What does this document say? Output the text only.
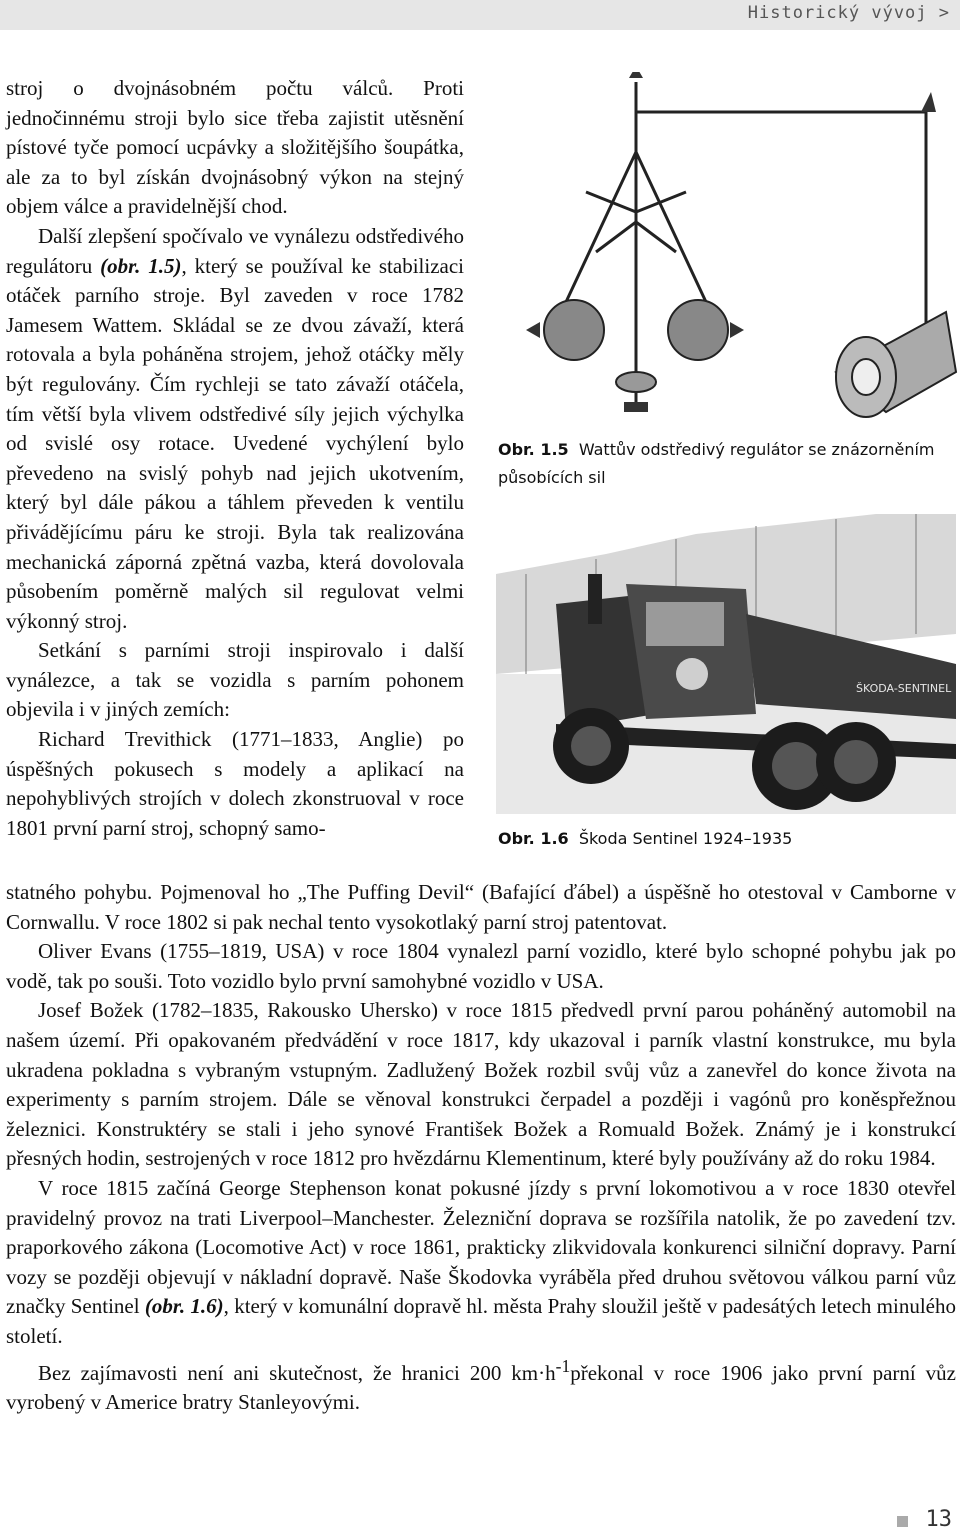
Historický vývoj >

stroj o dvojnásobném počtu válců. Proti jednočinnému stroji bylo sice třeba zajistit utěsnění pístové tyče pomocí ucpávky a složitějšího šoupátka, ale za to byl získán dvojnásobný výkon na stejný objem válce a pravidelnější chod.

Další zlepšení spočívalo ve vynálezu odstředivého regulátoru (obr. 1.5), který se používal ke stabilizaci otáček parního stroje. Byl zaveden v roce 1782 Jamesem Wattem. Skládal se ze dvou závaží, která rotovala a byla poháněna strojem, jehož otáčky měly být regulovány. Čím rychleji se tato závaží otáčela, tím větší byla vlivem odstředivé síly jejich výchylka od svislé osy rotace. Uvedené vychýlení bylo převedeno na svislý pohyb nad jejich ukotvením, který byl dále pákou a táhlem převeden k ventilu přivádějícímu páru ke stroji. Byla tak realizována mechanická záporná zpětná vazba, která dovolovala působením poměrně malých sil regulovat velmi výkonný stroj.

Setkání s parními stroji inspirovalo i další vynálezce, a tak se vozidla s parním pohonem objevila i v jiných zemích:

Richard Trevithick (1771–1833, Anglie) po úspěšných pokusech s modely a aplikací na nepohyblivých strojích v dolech zkonstruoval v roce 1801 první parní stroj, schopný samo-

statného pohybu. Pojmenoval ho „The Puffing Devil“ (Bafající ďábel) a úspěšně ho otestoval v Camborne v Cornwallu. V roce 1802 si pak nechal tento vysokotlaký parní stroj patentovat.

Oliver Evans (1755–1819, USA) v roce 1804 vynalezl parní vozidlo, které bylo schopné pohybu jak po vodě, tak po souši. Toto vozidlo bylo první samohybné vozidlo v USA.

Josef Božek (1782–1835, Rakousko Uhersko) v roce 1815 předvedl první parou poháněný automobil na našem území. Při opakovaném předvádění v roce 1817, kdy ukazoval i parník vlastní konstrukce, mu byla ukradena pokladna s vybraným vstupným. Zadlužený Božek rozbil svůj vůz a zanevřel do konce života na experimenty s parním strojem. Dále se věnoval konstrukci čerpadel a později i vagónů pro koněspřežnou železnici. Konstruktéry se stali i jeho synové František Božek a Romuald Božek. Známý je i konstrukcí přesných hodin, sestrojených v roce 1812 pro hvězdárnu Klementinum, které byly používány až do roku 1984.

V roce 1815 začíná George Stephenson konat pokusné jízdy s první lokomotivou a v roce 1830 otevřel pravidelný provoz na trati Liverpool–Manchester. Železniční doprava se rozšířila natolik, že po zavedení tzv. praporkového zákona (Locomotive Act) v roce 1861, prakticky zlikvidovala konkurenci silniční dopravy. Parní vozy se později objevují v nákladní dopravě. Naše Škodovka vyráběla před druhou světovou válkou parní vůz značky Sentinel (obr. 1.6), který v komunální dopravě hl. města Prahy sloužil ještě v padesátých letech minulého století.

Bez zajímavosti není ani skutečnost, že hranici 200 $km\cdot h^{-1}překonal$ v roce 1906 jako první parní vůz vyrobený v Americe bratry Stanleyovými.

Obr. 1.5 Wattův odstředivý regulátor se znázorněním působících sil
ŠKODA-SENTINEL
Obr. 1.6 Škoda Sentinel 1924–1935
13
